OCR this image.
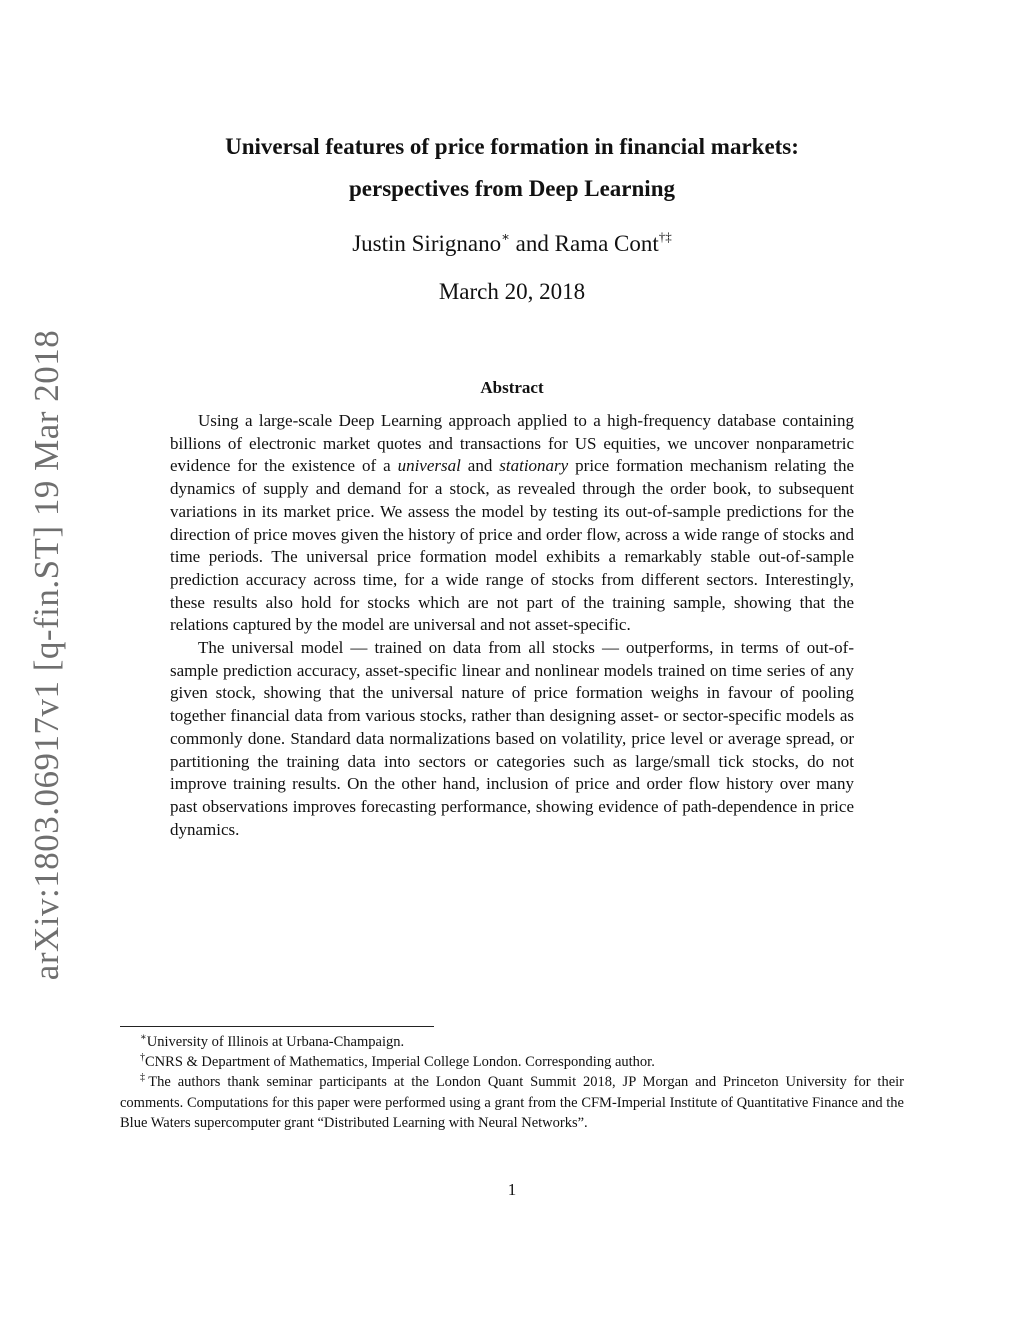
arXiv:1803.06917v1 [q-fin.ST] 19 Mar 2018
Universal features of price formation in financial markets:
perspectives from Deep Learning
Justin Sirignano∗ and Rama Cont†‡
March 20, 2018
Abstract

Using a large-scale Deep Learning approach applied to a high-frequency database containing billions of electronic market quotes and transactions for US equities, we uncover nonparametric evidence for the existence of a universal and stationary price formation mechanism relating the dynamics of supply and demand for a stock, as revealed through the order book, to subsequent variations in its market price. We assess the model by testing its out-of-sample predictions for the direction of price moves given the history of price and order flow, across a wide range of stocks and time periods. The universal price formation model exhibits a remarkably stable out-of-sample prediction accuracy across time, for a wide range of stocks from different sectors. Interestingly, these results also hold for stocks which are not part of the training sample, showing that the relations captured by the model are universal and not asset-specific.

The universal model — trained on data from all stocks — outperforms, in terms of out-of-sample prediction accuracy, asset-specific linear and nonlinear models trained on time series of any given stock, showing that the universal nature of price formation weighs in favour of pooling together financial data from various stocks, rather than designing asset- or sector-specific models as commonly done. Standard data normalizations based on volatility, price level or average spread, or partitioning the training data into sectors or categories such as large/small tick stocks, do not improve training results. On the other hand, inclusion of price and order flow history over many past observations improves forecasting performance, showing evidence of path-dependence in price dynamics.

∗University of Illinois at Urbana-Champaign.

†CNRS & Department of Mathematics, Imperial College London. Corresponding author.

‡The authors thank seminar participants at the London Quant Summit 2018, JP Morgan and Princeton University for their comments. Computations for this paper were performed using a grant from the CFM-Imperial Institute of Quantitative Finance and the Blue Waters supercomputer grant “Distributed Learning with Neural Networks”.

1
